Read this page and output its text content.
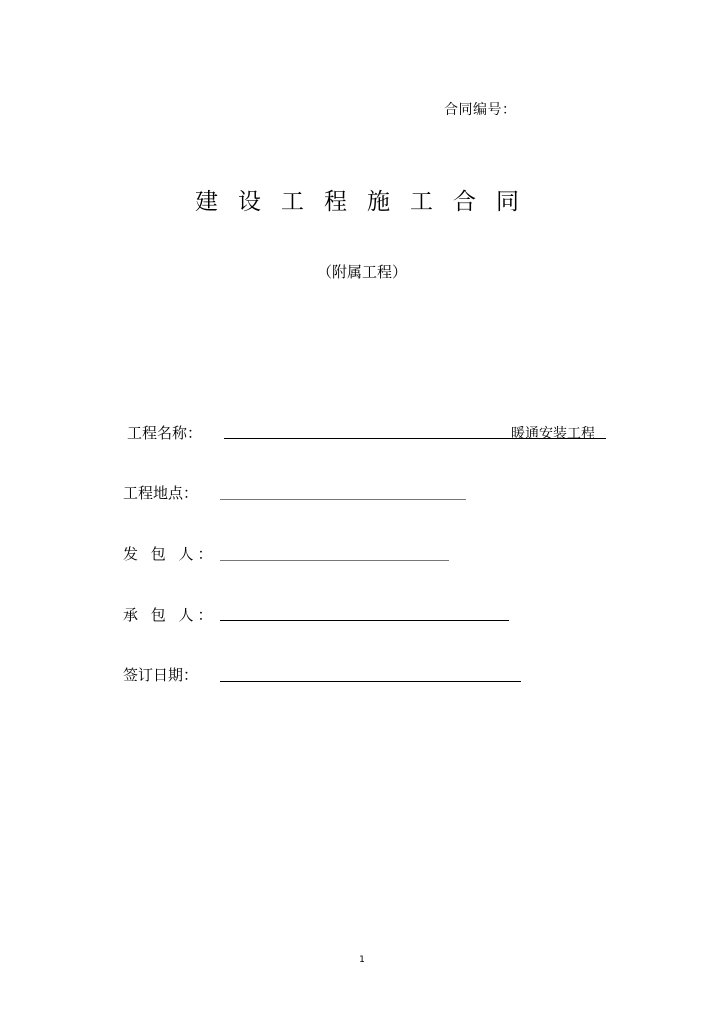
合同编号：
建设工程施工合同
（附属工程）
工程名称：	暖通安装工程
工程地点：
发 包 人：
承 包 人：
签订日期：
1
